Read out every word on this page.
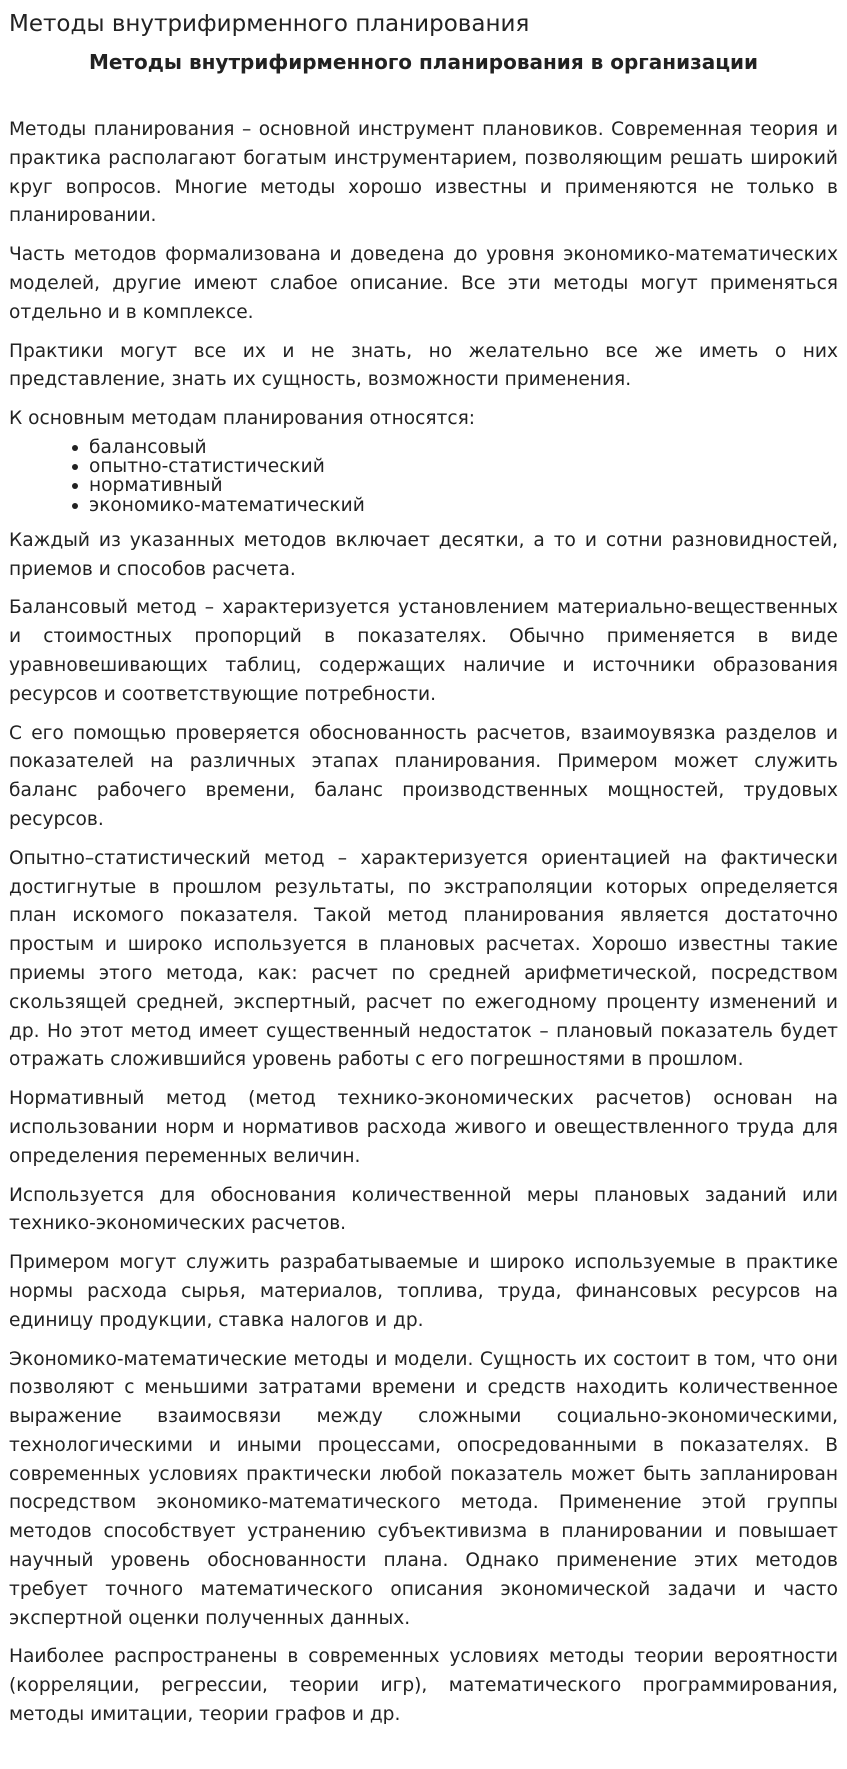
Методы внутрифирменного планирования
Методы внутрифирменного планирования в организации

Методы планирования – основной инструмент плановиков. Современная теория и практика располагают богатым инструментарием, позволяющим решать широкий круг вопросов. Многие методы хорошо известны и применяются не только в планировании.

Часть методов формализована и доведена до уровня экономико-математических моделей, другие имеют слабое описание. Все эти методы могут применяться отдельно и в комплексе.

Практики могут все их и не знать, но желательно все же иметь о них представление, знать их сущность, возможности применения.

К основным методам планирования относятся:

балансовый
опытно-статистический
нормативный
экономико-математический

Каждый из указанных методов включает десятки, а то и сотни разновидностей, приемов и способов расчета.

Балансовый метод – характеризуется установлением материально-вещественных и стоимостных пропорций в показателях. Обычно применяется в виде уравновешивающих таблиц, содержащих наличие и источники образования ресурсов и соответствующие потребности.

С его помощью проверяется обоснованность расчетов, взаимоувязка разделов и показателей на различных этапах планирования. Примером может служить баланс рабочего времени, баланс производственных мощностей, трудовых ресурсов.

Опытно–статистический метод – характеризуется ориентацией на фактически достигнутые в прошлом результаты, по экстраполяции которых определяется план искомого показателя. Такой метод планирования является достаточно простым и широко используется в плановых расчетах. Хорошо известны такие приемы этого метода, как: расчет по средней арифметической, посредством скользящей средней, экспертный, расчет по ежегодному проценту изменений и др. Но этот метод имеет существенный недостаток – плановый показатель будет отражать сложившийся уровень работы с его погрешностями в прошлом.

Нормативный метод (метод технико-экономических расчетов) основан на использовании норм и нормативов расхода живого и овеществленного труда для определения переменных величин.

Используется для обоснования количественной меры плановых заданий или технико-экономических расчетов.

Примером могут служить разрабатываемые и широко используемые в практике нормы расхода сырья, материалов, топлива, труда, финансовых ресурсов на единицу продукции, ставка налогов и др.

Экономико-математические методы и модели. Сущность их состоит в том, что они позволяют с меньшими затратами времени и средств находить количественное выражение взаимосвязи между сложными социально-экономическими, технологическими и иными процессами, опосредованными в показателях. В современных условиях практически любой показатель может быть запланирован посредством экономико-математического метода. Применение этой группы методов способствует устранению субъективизма в планировании и повышает научный уровень обоснованности плана. Однако применение этих методов требует точного математического описания экономической задачи и часто экспертной оценки полученных данных.

Наиболее распространены в современных условиях методы теории вероятности (корреляции, регрессии, теории игр), математического программирования, методы имитации, теории графов и др.
